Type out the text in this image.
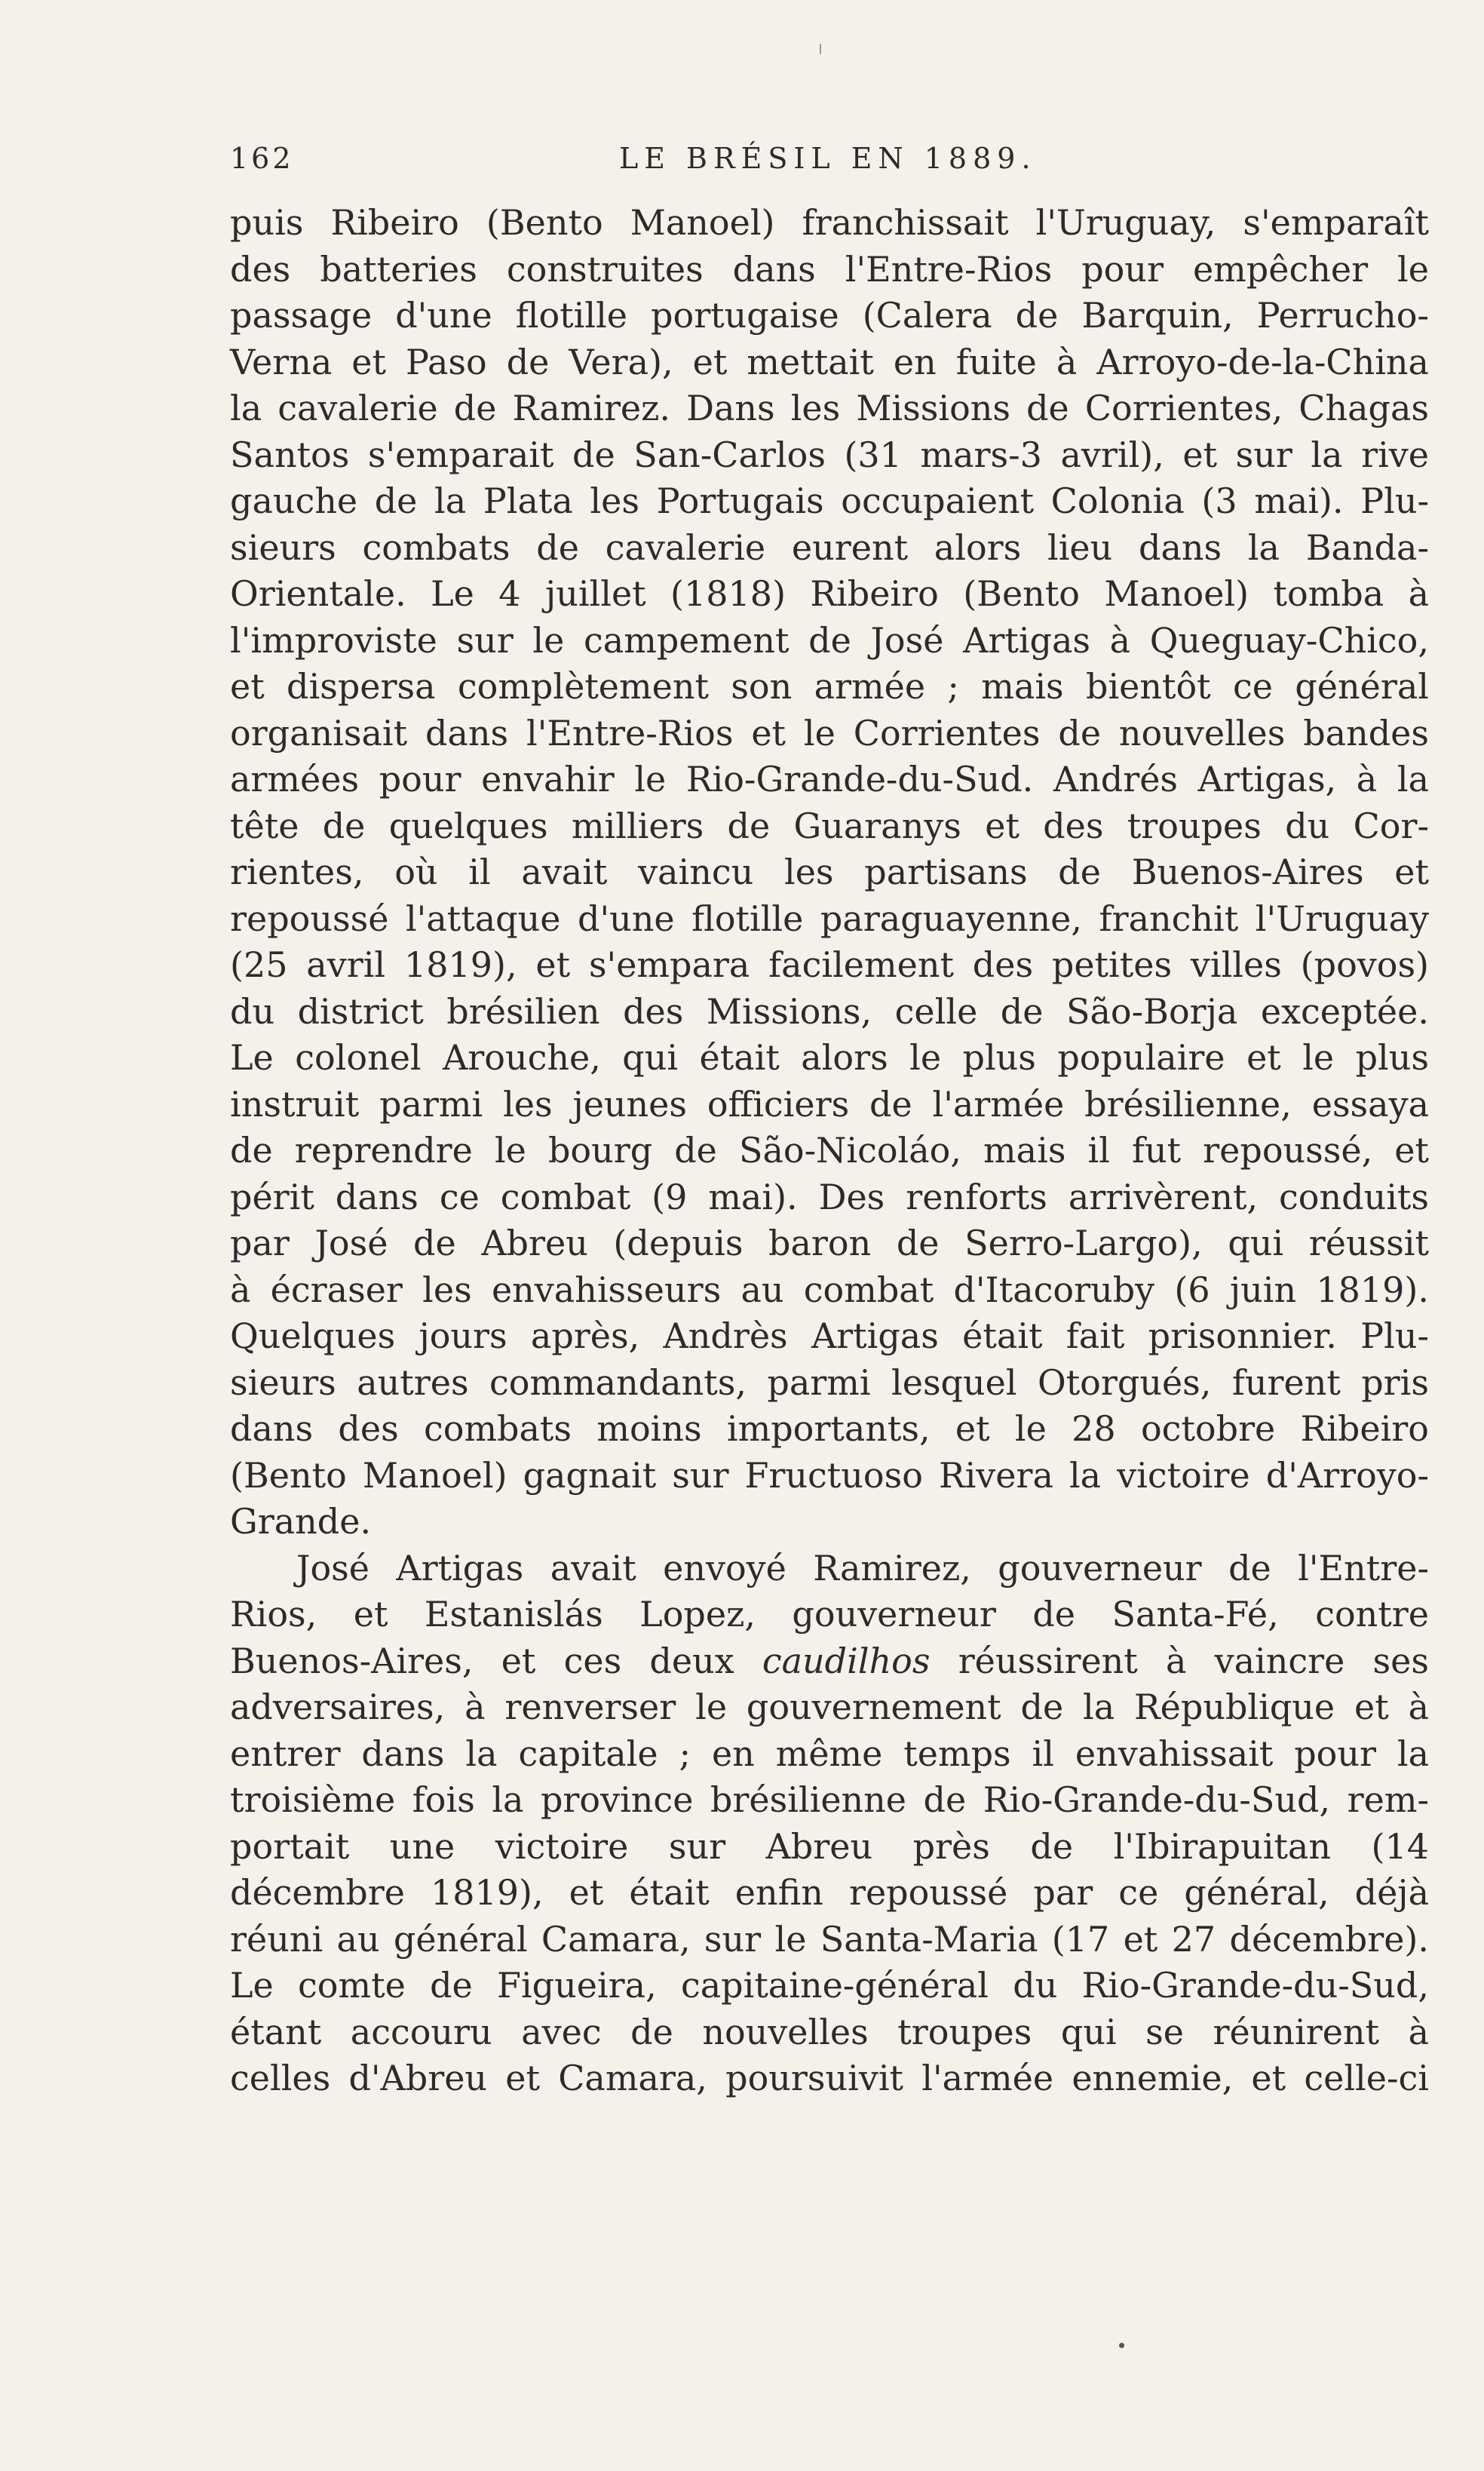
162	LE BRÉSIL EN 1889.
puis Ribeiro (Bento Manoel) franchissait l'Uruguay, s'emparaît
des batteries construites dans l'Entre-Rios pour empêcher le
passage d'une flotille portugaise (Calera de Barquin, Perrucho-
Verna et Paso de Vera), et mettait en fuite à Arroyo-de-la-China
la cavalerie de Ramirez. Dans les Missions de Corrientes, Chagas
Santos s'emparait de San-Carlos (31 mars-3 avril), et sur la rive
gauche de la Plata les Portugais occupaient Colonia (3 mai). Plu-
sieurs combats de cavalerie eurent alors lieu dans la Banda-
Orientale. Le 4 juillet (1818) Ribeiro (Bento Manoel) tomba à
l'improviste sur le campement de José Artigas à Queguay-Chico,
et dispersa complètement son armée ; mais bientôt ce général
organisait dans l'Entre-Rios et le Corrientes de nouvelles bandes
armées pour envahir le Rio-Grande-du-Sud. Andrés Artigas, à la
tête de quelques milliers de Guaranys et des troupes du Cor-
rientes, où il avait vaincu les partisans de Buenos-Aires et
repoussé l'attaque d'une flotille paraguayenne, franchit l'Uruguay
(25 avril 1819), et s'empara facilement des petites villes (povos)
du district brésilien des Missions, celle de São-Borja exceptée.
Le colonel Arouche, qui était alors le plus populaire et le plus
instruit parmi les jeunes officiers de l'armée brésilienne, essaya
de reprendre le bourg de São-Nicoláo, mais il fut repoussé, et
périt dans ce combat (9 mai). Des renforts arrivèrent, conduits
par José de Abreu (depuis baron de Serro-Largo), qui réussit
à écraser les envahisseurs au combat d'Itacoruby (6 juin 1819).
Quelques jours après, Andrès Artigas était fait prisonnier. Plu-
sieurs autres commandants, parmi lesquel Otorgués, furent pris
dans des combats moins importants, et le 28 octobre Ribeiro
(Bento Manoel) gagnait sur Fructuoso Rivera la victoire d'Arroyo-
Grande.
José Artigas avait envoyé Ramirez, gouverneur de l'Entre-
Rios, et Estanislás Lopez, gouverneur de Santa-Fé, contre
Buenos-Aires, et ces deux caudilhos réussirent à vaincre ses
adversaires, à renverser le gouvernement de la République et à
entrer dans la capitale ; en même temps il envahissait pour la
troisième fois la province brésilienne de Rio-Grande-du-Sud, rem-
portait une victoire sur Abreu près de l'Ibirapuitan (14
décembre 1819), et était enfin repoussé par ce général, déjà
réuni au général Camara, sur le Santa-Maria (17 et 27 décembre).
Le comte de Figueira, capitaine-général du Rio-Grande-du-Sud,
étant accouru avec de nouvelles troupes qui se réunirent à
celles d'Abreu et Camara, poursuivit l'armée ennemie, et celle-ci
